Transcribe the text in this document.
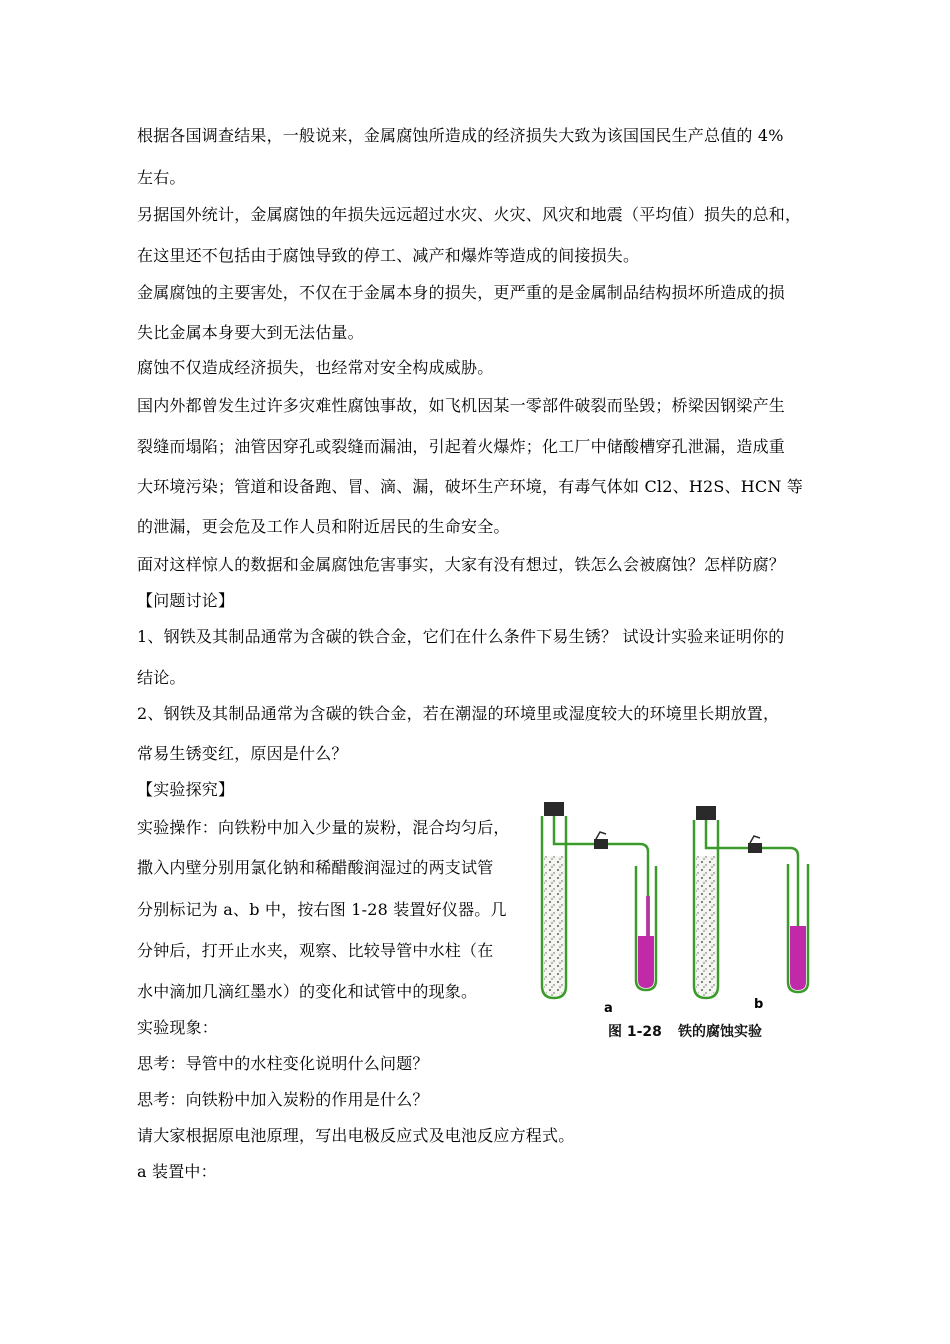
根据各国调查结果，一般说来，金属腐蚀所造成的经济损失大致为该国国民生产总值的 4%
左右。
另据国外统计，金属腐蚀的年损失远远超过水灾、火灾、风灾和地震（平均值）损失的总和，
在这里还不包括由于腐蚀导致的停工、减产和爆炸等造成的间接损失。
金属腐蚀的主要害处，不仅在于金属本身的损失，更严重的是金属制品结构损坏所造成的损
失比金属本身要大到无法估量。
腐蚀不仅造成经济损失，也经常对安全构成威胁。
国内外都曾发生过许多灾难性腐蚀事故，如飞机因某一零部件破裂而坠毁；桥梁因钢梁产生
裂缝而塌陷；油管因穿孔或裂缝而漏油，引起着火爆炸；化工厂中储酸槽穿孔泄漏，造成重
大环境污染；管道和设备跑、冒、滴、漏，破坏生产环境，有毒气体如 Cl2、H2S、HCN 等
的泄漏，更会危及工作人员和附近居民的生命安全。
面对这样惊人的数据和金属腐蚀危害事实，大家有没有想过，铁怎么会被腐蚀？怎样防腐？
【问题讨论】
1、钢铁及其制品通常为含碳的铁合金，它们在什么条件下易生锈？ 试设计实验来证明你的
结论。
2、钢铁及其制品通常为含碳的铁合金，若在潮湿的环境里或湿度较大的环境里长期放置，
常易生锈变红，原因是什么？
【实验探究】
实验操作：向铁粉中加入少量的炭粉，混合均匀后，
撒入内壁分别用氯化钠和稀醋酸润湿过的两支试管
分别标记为 a、b 中，按右图 1-28 装置好仪器。几
分钟后，打开止水夹，观察、比较导管中水柱（在
水中滴加几滴红墨水）的变化和试管中的现象。
实验现象：
思考：导管中的水柱变化说明什么问题？
思考：向铁粉中加入炭粉的作用是什么？
请大家根据原电池原理，写出电极反应式及电池反应方程式。
a 装置中：
a	b
图 1-28 铁的腐蚀实验
